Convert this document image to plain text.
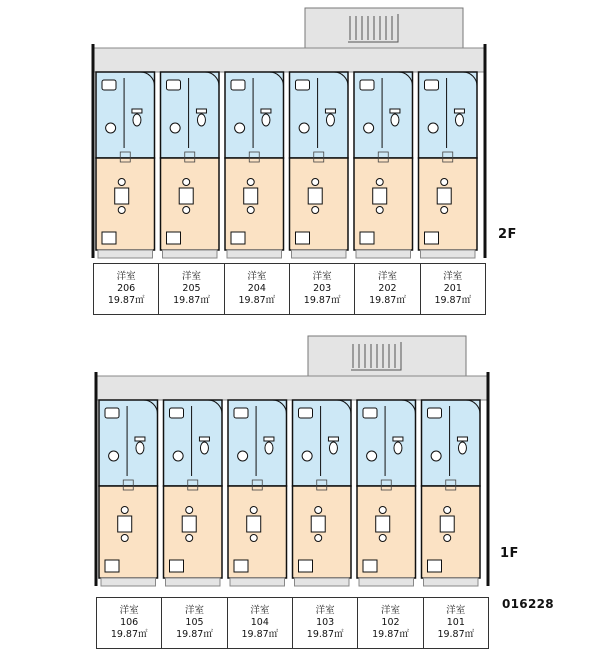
2F
洋室
206
19.87㎡
洋室
205
19.87㎡
洋室
204
19.87㎡
洋室
203
19.87㎡
洋室
202
19.87㎡
洋室
201
19.87㎡
1F
洋室
106
19.87㎡
洋室
105
19.87㎡
洋室
104
19.87㎡
洋室
103
19.87㎡
洋室
102
19.87㎡
洋室
101
19.87㎡
016228
